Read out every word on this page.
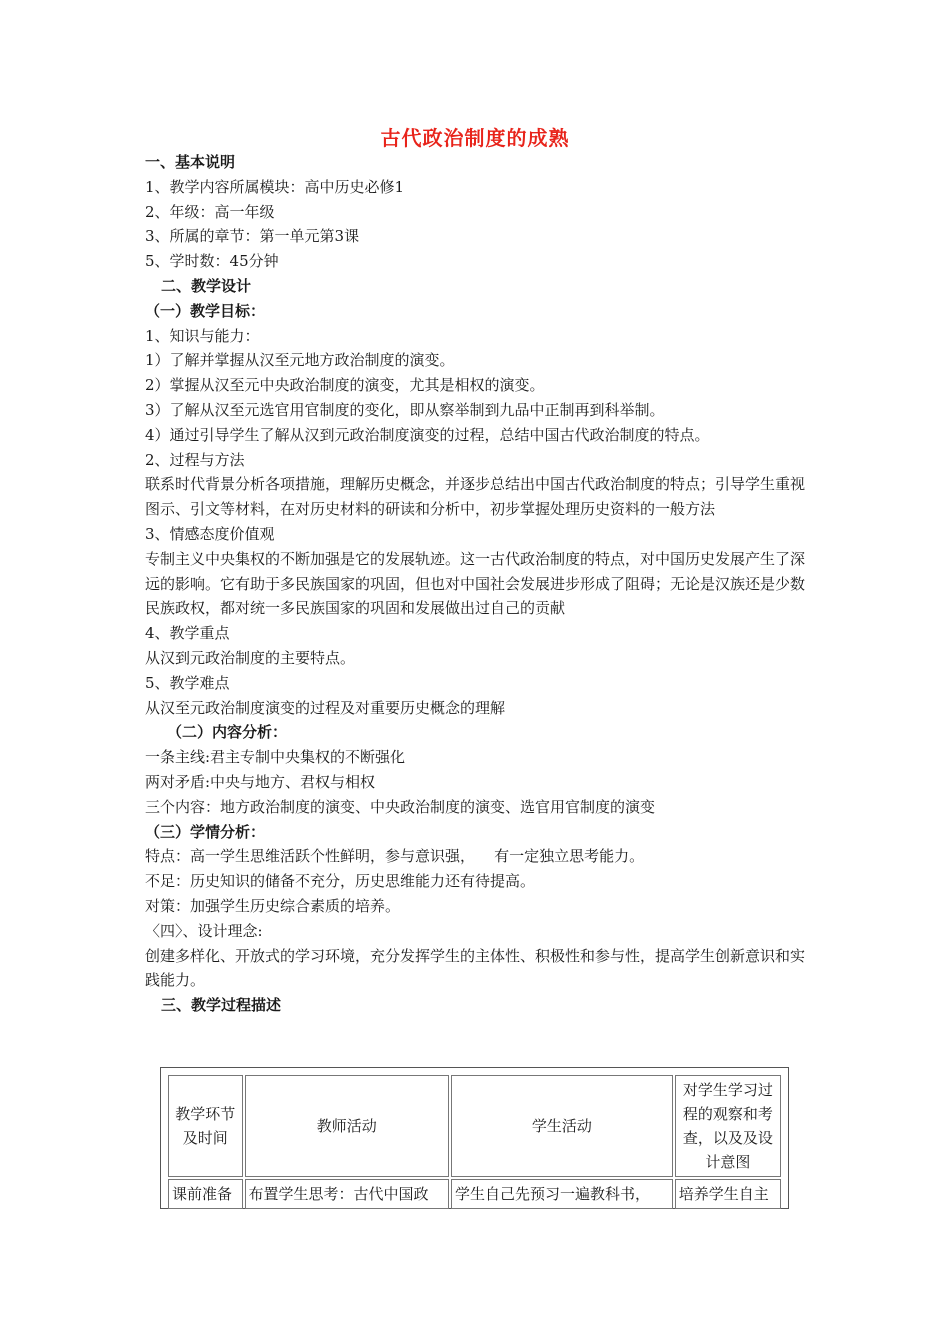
古代政治制度的成熟
一、基本说明
1、教学内容所属模块：高中历史必修1
2、年级：高一年级
3、所属的章节：第一单元第3课
5、学时数：45分钟
二、教学设计
（一）教学目标：
1、知识与能力：
1）了解并掌握从汉至元地方政治制度的演变。
2）掌握从汉至元中央政治制度的演变，尤其是相权的演变。
3）了解从汉至元选官用官制度的变化，即从察举制到九品中正制再到科举制。
4）通过引导学生了解从汉到元政治制度演变的过程，总结中国古代政治制度的特点。
2、过程与方法
联系时代背景分析各项措施，理解历史概念，并逐步总结出中国古代政治制度的特点；引导学生重视图示、引文等材料，在对历史材料的研读和分析中，初步掌握处理历史资料的一般方法
3、情感态度价值观
专制主义中央集权的不断加强是它的发展轨迹。这一古代政治制度的特点，对中国历史发展产生了深远的影响。它有助于多民族国家的巩固，但也对中国社会发展进步形成了阻碍；无论是汉族还是少数民族政权，都对统一多民族国家的巩固和发展做出过自己的贡献
4、教学重点
从汉到元政治制度的主要特点。
5、教学难点
从汉至元政治制度演变的过程及对重要历史概念的理解
（二）内容分析：
一条主线:君主专制中央集权的不断强化
两对矛盾:中央与地方、君权与相权
三个内容：地方政治制度的演变、中央政治制度的演变、选官用官制度的演变
（三）学情分析：
特点：高一学生思维活跃个性鲜明，参与意识强，    有一定独立思考能力。
不足：历史知识的储备不充分，历史思维能力还有待提高。
对策：加强学生历史综合素质的培养。
〈四〉、设计理念:
创建多样化、开放式的学习环境，充分发挥学生的主体性、积极性和参与性，提高学生创新意识和实践能力。
三、教学过程描述
教学环节及时间	教师活动	学生活动	对学生学习过程的观察和考查，以及及设计意图
课前准备	布置学生思考：古代中国政	学生自己先预习一遍教科书，	培养学生自主
